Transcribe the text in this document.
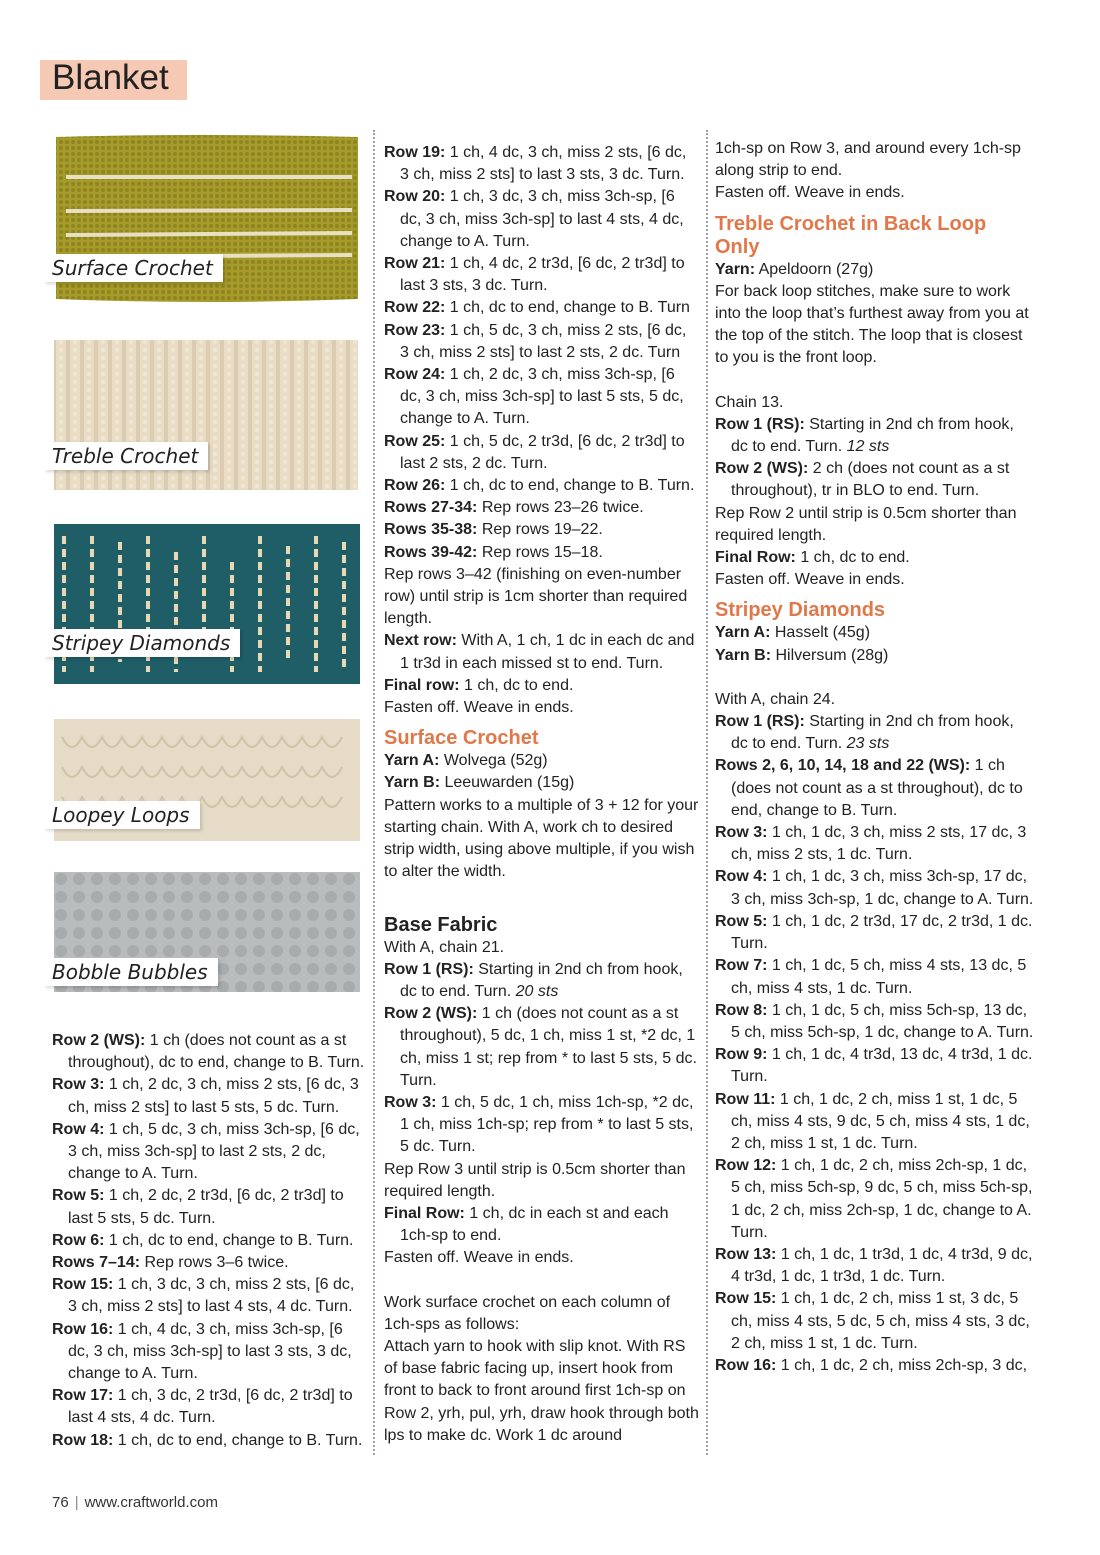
Blanket
Surface Crochet
Treble Crochet
Stripey Diamonds
Loopey Loops
Bobble Bubbles

Row 2 (WS): 1 ch (does not count as a st throughout), dc to end, change to B. Turn.

Row 3: 1 ch, 2 dc, 3 ch, miss 2 sts, [6 dc, 3 ch, miss 2 sts] to last 5 sts, 5 dc. Turn.

Row 4: 1 ch, 5 dc, 3 ch, miss 3ch-sp, [6 dc, 3 ch, miss 3ch-sp] to last 2 sts, 2 dc, change to A. Turn.

Row 5: 1 ch, 2 dc, 2 tr3d, [6 dc, 2 tr3d] to last 5 sts, 5 dc. Turn.

Row 6: 1 ch, dc to end, change to B. Turn.

Rows 7–14: Rep rows 3–6 twice.

Row 15: 1 ch, 3 dc, 3 ch, miss 2 sts, [6 dc, 3 ch, miss 2 sts] to last 4 sts, 4 dc. Turn.

Row 16: 1 ch, 4 dc, 3 ch, miss 3ch-sp, [6 dc, 3 ch, miss 3ch-sp] to last 3 sts, 3 dc, change to A. Turn.

Row 17: 1 ch, 3 dc, 2 tr3d, [6 dc, 2 tr3d] to last 4 sts, 4 dc. Turn.

Row 18: 1 ch, dc to end, change to B. Turn.

Row 19: 1 ch, 4 dc, 3 ch, miss 2 sts, [6 dc, 3 ch, miss 2 sts] to last 3 sts, 3 dc. Turn.

Row 20: 1 ch, 3 dc, 3 ch, miss 3ch-sp, [6 dc, 3 ch, miss 3ch-sp] to last 4 sts, 4 dc, change to A. Turn.

Row 21: 1 ch, 4 dc, 2 tr3d, [6 dc, 2 tr3d] to last 3 sts, 3 dc. Turn.

Row 22: 1 ch, dc to end, change to B. Turn

Row 23: 1 ch, 5 dc, 3 ch, miss 2 sts, [6 dc, 3 ch, miss 2 sts] to last 2 sts, 2 dc. Turn

Row 24: 1 ch, 2 dc, 3 ch, miss 3ch-sp, [6 dc, 3 ch, miss 3ch-sp] to last 5 sts, 5 dc, change to A. Turn.

Row 25: 1 ch, 5 dc, 2 tr3d, [6 dc, 2 tr3d] to last 2 sts, 2 dc. Turn.

Row 26: 1 ch, dc to end, change to B. Turn.

Rows 27-34: Rep rows 23–26 twice.

Rows 35-38: Rep rows 19–22.

Rows 39-42: Rep rows 15–18.

Rep rows 3–42 (finishing on even-number row) until strip is 1cm shorter than required length.

Next row: With A, 1 ch, 1 dc in each dc and 1 tr3d in each missed st to end. Turn.

Final row: 1 ch, dc to end.

Fasten off. Weave in ends.

Surface Crochet

Yarn A: Wolvega (52g)

Yarn B: Leeuwarden (15g)

Pattern works to a multiple of 3 + 12 for your starting chain. With A, work ch to desired strip width, using above multiple, if you wish to alter the width.

Base Fabric

With A, chain 21.

Row 1 (RS): Starting in 2nd ch from hook, dc to end. Turn. 20 sts

Row 2 (WS): 1 ch (does not count as a st throughout), 5 dc, 1 ch, miss 1 st, *2 dc, 1 ch, miss 1 st; rep from * to last 5 sts, 5 dc. Turn.

Row 3: 1 ch, 5 dc, 1 ch, miss 1ch-sp, *2 dc, 1 ch, miss 1ch-sp; rep from * to last 5 sts, 5 dc. Turn.

Rep Row 3 until strip is 0.5cm shorter than required length.

Final Row: 1 ch, dc in each st and each 1ch-sp to end.

Fasten off. Weave in ends.

Work surface crochet on each column of 1ch-sps as follows:

Attach yarn to hook with slip knot. With RS of base fabric facing up, insert hook from front to back to front around first 1ch-sp on Row 2, yrh, pul, yrh, draw hook through both lps to make dc. Work 1 dc around

1ch-sp on Row 3, and around every 1ch-sp along strip to end.

Fasten off. Weave in ends.

Treble Crochet in Back Loop Only

Yarn: Apeldoorn (27g)

For back loop stitches, make sure to work into the loop that’s furthest away from you at the top of the stitch. The loop that is closest to you is the front loop.

Chain 13.

Row 1 (RS): Starting in 2nd ch from hook, dc to end. Turn. 12 sts

Row 2 (WS): 2 ch (does not count as a st throughout), tr in BLO to end. Turn.

Rep Row 2 until strip is 0.5cm shorter than required length.

Final Row: 1 ch, dc to end.

Fasten off. Weave in ends.

Stripey Diamonds

Yarn A: Hasselt (45g)

Yarn B: Hilversum (28g)

With A, chain 24.

Row 1 (RS): Starting in 2nd ch from hook, dc to end. Turn. 23 sts

Rows 2, 6, 10, 14, 18 and 22 (WS): 1 ch (does not count as a st throughout), dc to end, change to B. Turn.

Row 3: 1 ch, 1 dc, 3 ch, miss 2 sts, 17 dc, 3 ch, miss 2 sts, 1 dc. Turn.

Row 4: 1 ch, 1 dc, 3 ch, miss 3ch-sp, 17 dc, 3 ch, miss 3ch-sp, 1 dc, change to A. Turn.

Row 5: 1 ch, 1 dc, 2 tr3d, 17 dc, 2 tr3d, 1 dc. Turn.

Row 7: 1 ch, 1 dc, 5 ch, miss 4 sts, 13 dc, 5 ch, miss 4 sts, 1 dc. Turn.

Row 8: 1 ch, 1 dc, 5 ch, miss 5ch-sp, 13 dc, 5 ch, miss 5ch-sp, 1 dc, change to A. Turn.

Row 9: 1 ch, 1 dc, 4 tr3d, 13 dc, 4 tr3d, 1 dc. Turn.

Row 11: 1 ch, 1 dc, 2 ch, miss 1 st, 1 dc, 5 ch, miss 4 sts, 9 dc, 5 ch, miss 4 sts, 1 dc, 2 ch, miss 1 st, 1 dc. Turn.

Row 12: 1 ch, 1 dc, 2 ch, miss 2ch-sp, 1 dc, 5 ch, miss 5ch-sp, 9 dc, 5 ch, miss 5ch-sp, 1 dc, 2 ch, miss 2ch-sp, 1 dc, change to A. Turn.

Row 13: 1 ch, 1 dc, 1 tr3d, 1 dc, 4 tr3d, 9 dc, 4 tr3d, 1 dc, 1 tr3d, 1 dc. Turn.

Row 15: 1 ch, 1 dc, 2 ch, miss 1 st, 3 dc, 5 ch, miss 4 sts, 5 dc, 5 ch, miss 4 sts, 3 dc, 2 ch, miss 1 st, 1 dc. Turn.

Row 16: 1 ch, 1 dc, 2 ch, miss 2ch-sp, 3 dc,

76 | www.craftworld.com
